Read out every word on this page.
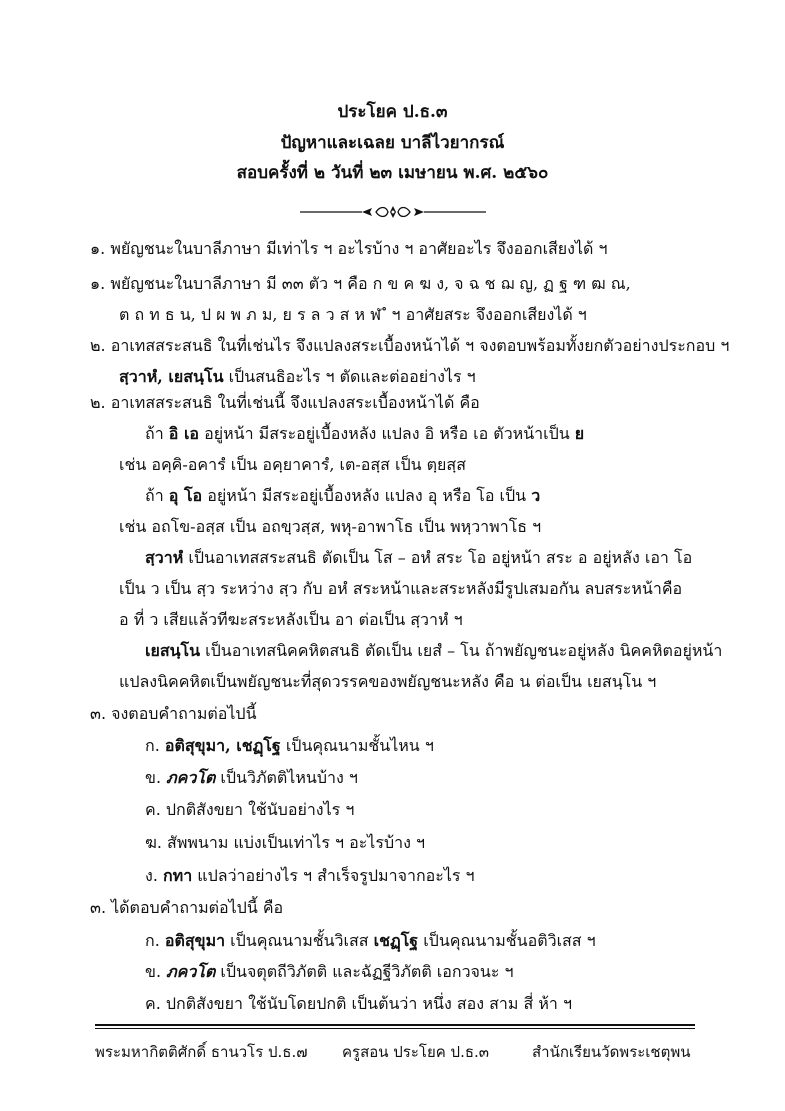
ประโยค ป.ธ.๓
ปัญหาและเฉลย บาลีไวยากรณ์
สอบครั้งที่ ๒ วันที่ ๒๓ เมษายน พ.ศ. ๒๕๖๐
๑. พยัญชนะในบาลีภาษา มีเท่าไร ฯ อะไรบ้าง ฯ อาศัยอะไร จึงออกเสียงได้ ฯ
๑. พยัญชนะในบาลีภาษา มี ๓๓ ตัว ฯ คือ ก ข ค ฆ ง, จ ฉ ช ฌ ญ, ฏ ฐ ฑ ฒ ณ,
ต ถ ท ธ น, ป ผ พ ภ ม, ย ร ล ว ส ห ฬ ํ ฯ อาศัยสระ จึงออกเสียงได้ ฯ
๒. อาเทสสระสนธิ ในที่เช่นไร จึงแปลงสระเบื้องหน้าได้ ฯ จงตอบพร้อมทั้งยกตัวอย่างประกอบ ฯ
สฺวาหํ, เยสนฺโน เป็นสนธิอะไร ฯ ตัดและต่ออย่างไร ฯ
๒. อาเทสสระสนธิ ในที่เช่นนี้ จึงแปลงสระเบื้องหน้าได้ คือ
ถ้า อิ เอ อยู่หน้า มีสระอยู่เบื้องหลัง แปลง อิ หรือ เอ ตัวหน้าเป็น ย
เช่น อคฺคิ-อคารํ เป็น อคฺยาคารํ, เต-อสฺส เป็น ตฺยสฺส
ถ้า อุ โอ อยู่หน้า มีสระอยู่เบื้องหลัง แปลง อุ หรือ โอ เป็น ว
เช่น อถโข-อสฺส เป็น อถขฺวสฺส, พหุ-อาพาโธ เป็น พหฺวาพาโธ ฯ
สฺวาหํ เป็นอาเทสสระสนธิ ตัดเป็น โส – อหํ สระ โอ อยู่หน้า สระ อ อยู่หลัง เอา โอ
เป็น ว เป็น สฺว ระหว่าง สฺว กับ อหํ สระหน้าและสระหลังมีรูปเสมอกัน ลบสระหน้าคือ
อ ที่ ว เสียแล้วทีฆะสระหลังเป็น อา ต่อเป็น สฺวาหํ ฯ
เยสนฺโน เป็นอาเทสนิคคหิตสนธิ ตัดเป็น เยสํ – โน ถ้าพยัญชนะอยู่หลัง นิคคหิตอยู่หน้า
แปลงนิคคหิตเป็นพยัญชนะที่สุดวรรคของพยัญชนะหลัง คือ น ต่อเป็น เยสนฺโน ฯ
๓. จงตอบคำถามต่อไปนี้
ก. อติสุขุมา, เชฏฺโฐ เป็นคุณนามชั้นไหน ฯ
ข. ภควโต เป็นวิภัตติไหนบ้าง ฯ
ค. ปกติสังขยา ใช้นับอย่างไร ฯ
ฆ. สัพพนาม แบ่งเป็นเท่าไร ฯ อะไรบ้าง ฯ
ง. กทา แปลว่าอย่างไร ฯ สำเร็จรูปมาจากอะไร ฯ
๓. ได้ตอบคำถามต่อไปนี้ คือ
ก. อติสุขุมา เป็นคุณนามชั้นวิเสส เชฏฺโฐ เป็นคุณนามชั้นอติวิเสส ฯ
ข. ภควโต เป็นจตุตถีวิภัตติ และฉัฏฐีวิภัตติ เอกวจนะ ฯ
ค. ปกติสังขยา ใช้นับโดยปกติ เป็นต้นว่า หนึ่ง สอง สาม สี่ ห้า ฯ
พระมหากิตติศักดิ์ ธานวโร ป.ธ.๗ ครูสอน ประโยค ป.ธ.๓	สำนักเรียนวัดพระเชตุพน
